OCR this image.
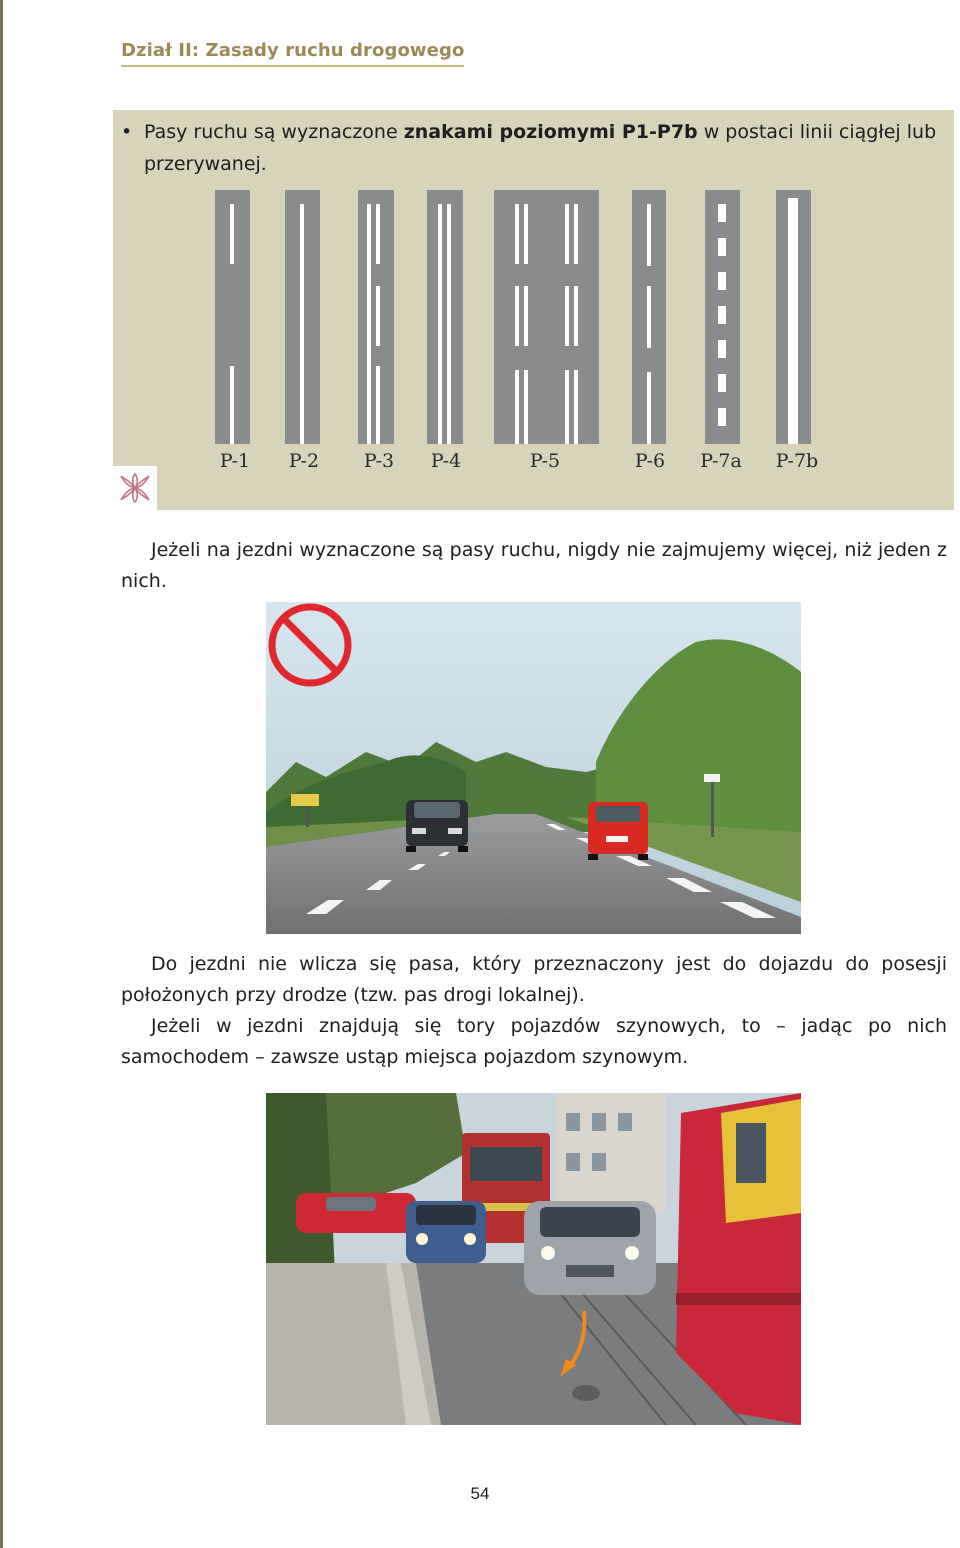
Dział II: Zasady ruchu drogowego
• Pasy ruchu są wyznaczone znakami poziomymi P1-P7b w postaci linii ciągłej lub przerywanej.
P-1 P-2 P-3 P-4	P-5	P-6 P-7a P-7b
Jeżeli na jezdni wyznaczone są pasy ruchu, nigdy nie zajmujemy więcej, niż jeden z nich.
Do jezdni nie wlicza się pasa, który przeznaczony jest do dojazdu do posesji położonych przy drodze (tzw. pas drogi lokalnej).
Jeżeli w jezdni znajdują się tory pojazdów szynowych, to – jadąc po nich samochodem – zawsze ustąp miejsca pojazdom szynowym.
54
